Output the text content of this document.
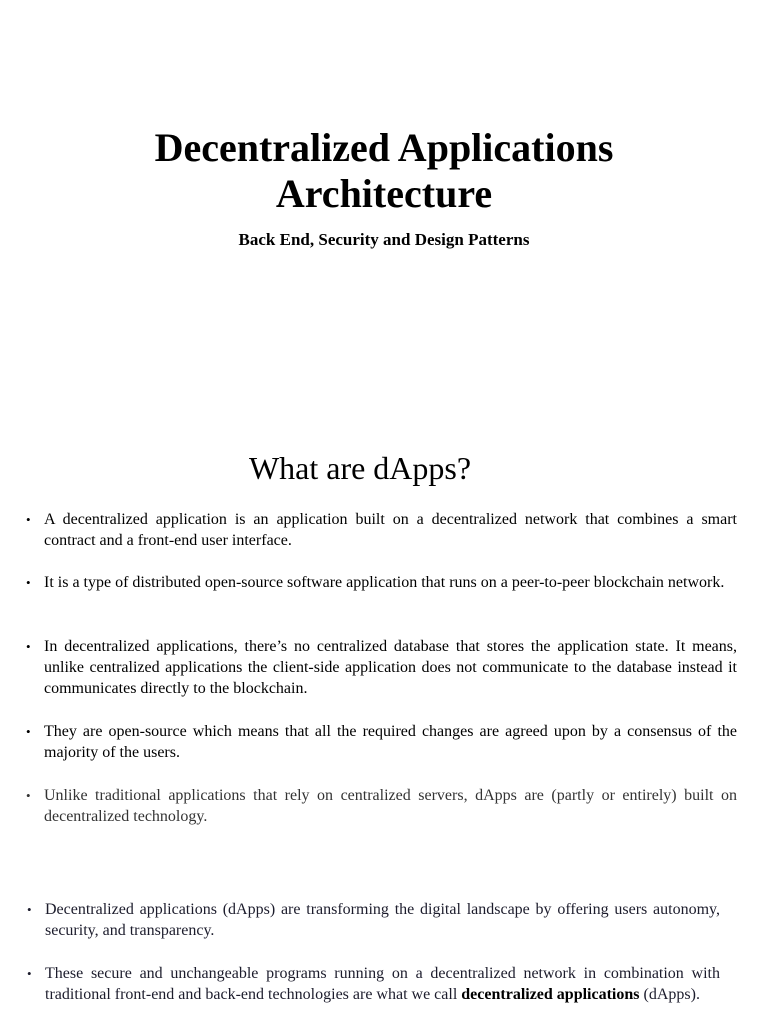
Decentralized Applications
Architecture
Back End, Security and Design Patterns
What are dApps?
• A decentralized application is an application built on a decentralized network that combines a smart contract and a front-end user interface.
• It is a type of distributed open-source software application that runs on a peer-to-peer blockchain network.
• In decentralized applications, there’s no centralized database that stores the application state. It means, unlike centralized applications the client-side application does not communicate to the database instead it communicates directly to the blockchain.
• They are open-source which means that all the required changes are agreed upon by a consensus of the majority of the users.
• Unlike traditional applications that rely on centralized servers, dApps are (partly or entirely) built on decentralized technology.
• Decentralized applications (dApps) are transforming the digital landscape by offering users autonomy, security, and transparency.
• These secure and unchangeable programs running on a decentralized network in combination with traditional front-end and back-end technologies are what we call decentralized applications (dApps).
